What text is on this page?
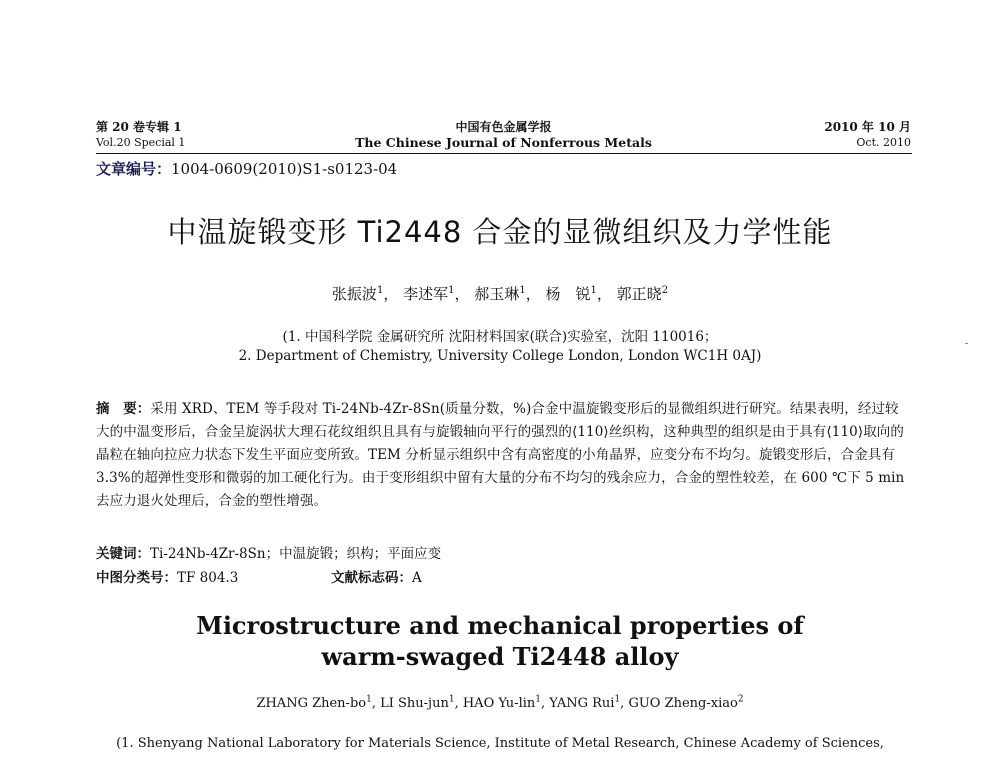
第 20 卷专辑 1	中国有色金属学报	2010 年 10 月
Vol.20 Special 1	The Chinese Journal of Nonferrous Metals	Oct. 2010
文章编号：1004-0609(2010)S1-s0123-04
中温旋锻变形 Ti2448 合金的显微组织及力学性能
张振波$^1$， 李述军$^1$， 郝玉琳$^1$， 杨　锐$^1$， 郭正晓$^2$
(1. 中国科学院 金属研究所 沈阳材料国家(联合)实验室，沈阳 110016；
2. Department of Chemistry, University College London, London WC1H 0AJ)
摘　要：采用 XRD、TEM 等手段对 Ti-24Nb-4Zr-8Sn(质量分数，%)合金中温旋锻变形后的显微组织进行研究。结果表明，经过较大的中温变形后，合金呈旋涡状大理石花纹组织且具有与旋锻轴向平行的强烈的⟨110⟩丝织构，这种典型的组织是由于具有⟨110⟩取向的晶粒在轴向拉应力状态下发生平面应变所致。TEM 分析显示组织中含有高密度的小角晶界，应变分布不均匀。旋锻变形后，合金具有 3.3%的超弹性变形和微弱的加工硬化行为。由于变形组织中留有大量的分布不均匀的残余应力，合金的塑性较差，在 600 ℃下 5 min 去应力退火处理后，合金的塑性增强。
关键词：Ti-24Nb-4Zr-8Sn；中温旋锻；织构；平面应变
中图分类号：TF 804.3	文献标志码：A
Microstructure and mechanical properties of
warm-swaged Ti2448 alloy
ZHANG Zhen-$bo^1$, LI Shu-jun$^1$, HAO Yu-lin$^1$, YANG Rui$^1$, GUO Zheng-xiao$^2$
(1. Shenyang National Laboratory for Materials Science, Institute of Metal Research, Chinese Academy of Sciences,
